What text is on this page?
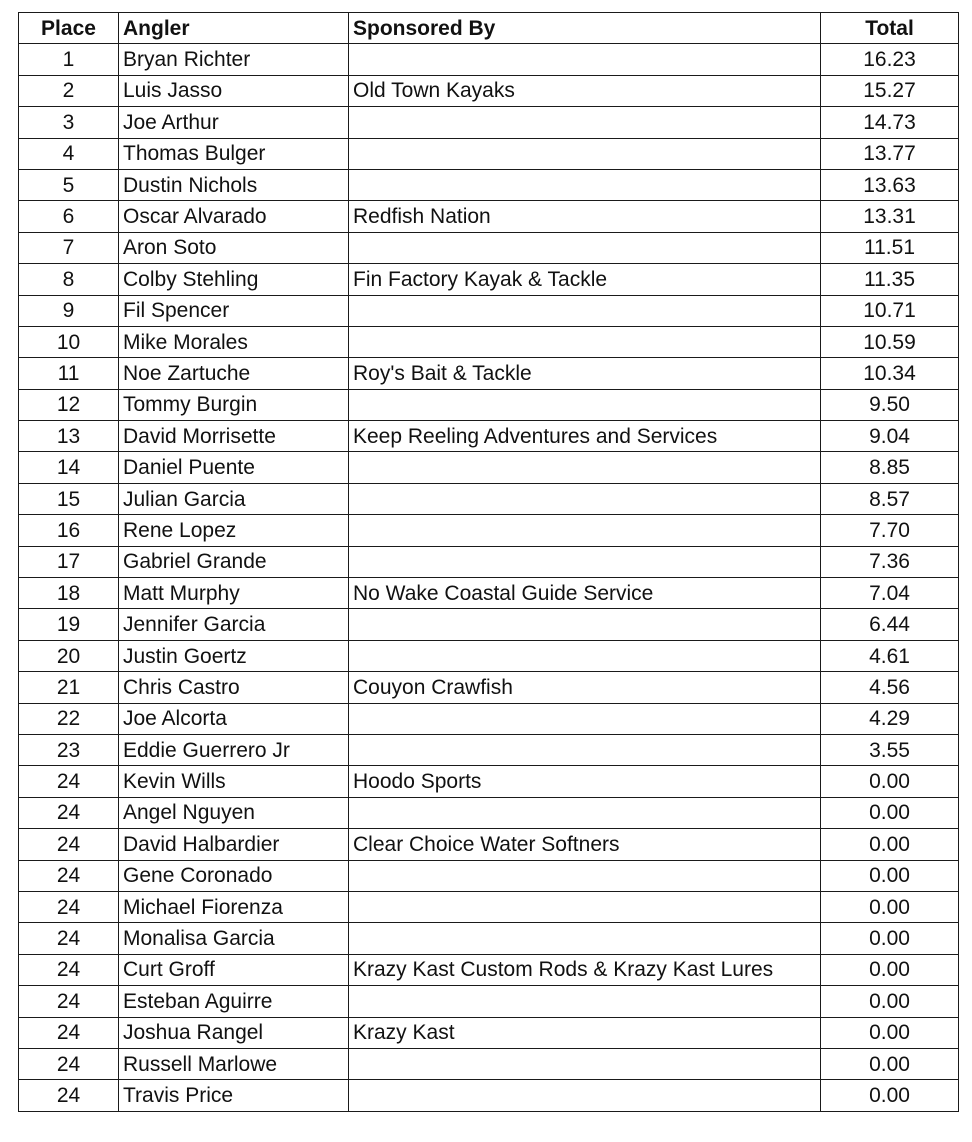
Place	Angler	Sponsored By	Total
1	Bryan Richter		16.23
2	Luis Jasso	Old Town Kayaks	15.27
3	Joe Arthur		14.73
4	Thomas Bulger		13.77
5	Dustin Nichols		13.63
6	Oscar Alvarado	Redfish Nation	13.31
7	Aron Soto		11.51
8	Colby Stehling	Fin Factory Kayak & Tackle	11.35
9	Fil Spencer		10.71
10	Mike Morales		10.59
11	Noe Zartuche	Roy's Bait & Tackle	10.34
12	Tommy Burgin		9.50
13	David Morrisette	Keep Reeling Adventures and Services	9.04
14	Daniel Puente		8.85
15	Julian Garcia		8.57
16	Rene Lopez		7.70
17	Gabriel Grande		7.36
18	Matt Murphy	No Wake Coastal Guide Service	7.04
19	Jennifer Garcia		6.44
20	Justin Goertz		4.61
21	Chris Castro	Couyon Crawfish	4.56
22	Joe Alcorta		4.29
23	Eddie Guerrero Jr		3.55
24	Kevin Wills	Hoodo Sports	0.00
24	Angel Nguyen		0.00
24	David Halbardier	Clear Choice Water Softners	0.00
24	Gene Coronado		0.00
24	Michael Fiorenza		0.00
24	Monalisa Garcia		0.00
24	Curt Groff	Krazy Kast Custom Rods & Krazy Kast Lures	0.00
24	Esteban Aguirre		0.00
24	Joshua Rangel	Krazy Kast	0.00
24	Russell Marlowe		0.00
24	Travis Price		0.00
